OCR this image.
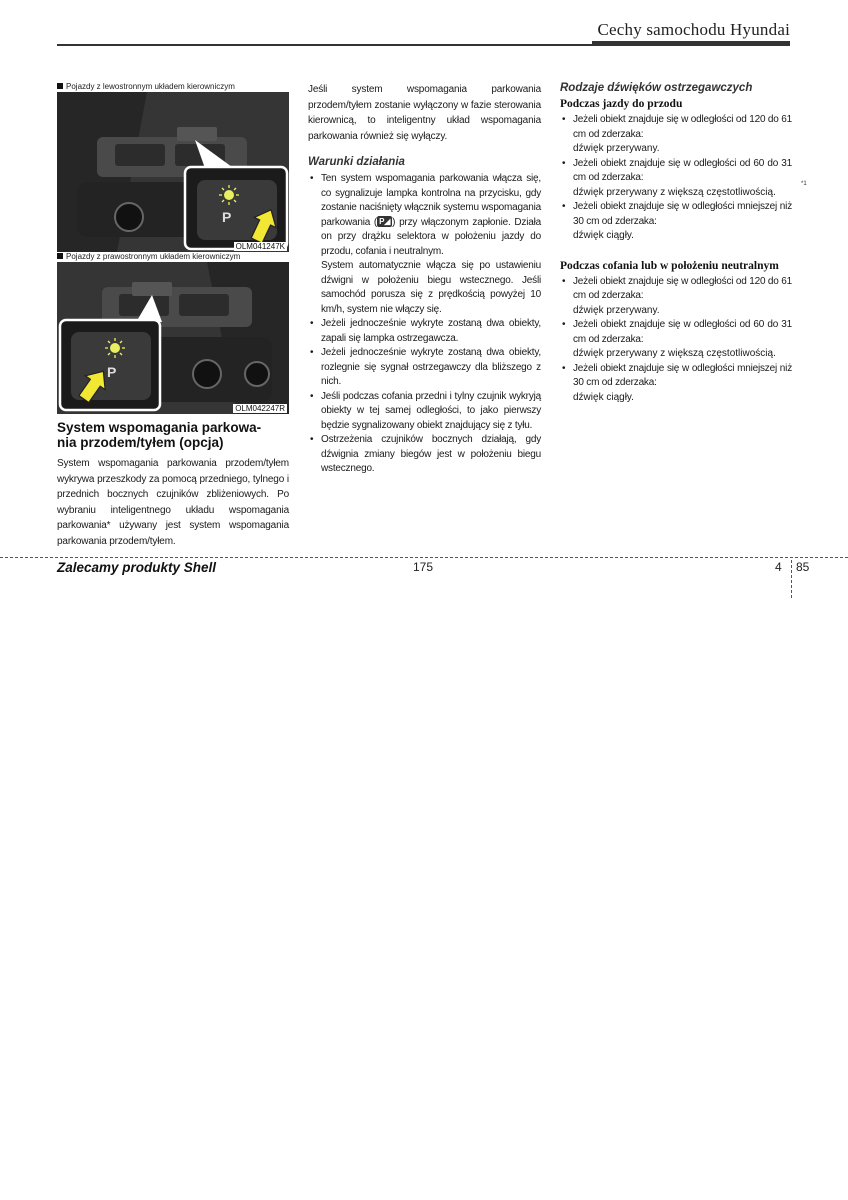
Cechy samochodu Hyundai
Pojazdy z lewostronnym układem kierowniczym
P
OLM041247K
Pojazdy z prawostronnym układem kierowniczym
P
OLM042247R
System wspomagania parkowa-
nia przodem/tyłem (opcja)

System wspomagania parkowania przodem/tyłem wykrywa przeszkody za pomocą przedniego, tylnego i przednich bocznych czujników zbliżeniowych. Po wybraniu inteligentnego układu wspomagania parkowania* używany jest system wspomagania parkowania przodem/tyłem.

Jeśli system wspomagania parkowania przodem/tyłem zostanie wyłączony w fazie sterowania kierownicą, to inteligentny układ wspomagania parkowania również się wyłączy.

Warunki działania
• Ten system wspomagania parkowania włącza się, co sygnalizuje lampka kontrolna na przycisku, gdy zostanie naciśnięty włącznik systemu wspomagania parkowania ( P◢ ) przy włączonym zapłonie. Działa on przy drążku selektora w położeniu jazdy do przodu, cofania i neutralnym.
System automatycznie włącza się po ustawieniu dźwigni w położeniu biegu wstecznego. Jeśli samochód porusza się z prędkością powyżej 10 km/h, system nie włączy się.
• Jeżeli jednocześnie wykryte zostaną dwa obiekty, zapali się lampka ostrzegawcza.
• Jeżeli jednocześnie wykryte zostaną dwa obiekty, rozlegnie się sygnał ostrzegawczy dla bliższego z nich.
• Jeśli podczas cofania przedni i tylny czujnik wykryją obiekty w tej samej odległości, to jako pierwszy będzie sygnalizowany obiekt znajdujący się z tyłu.
• Ostrzeżenia czujników bocznych działają, gdy dźwignia zmiany biegów jest w położeniu biegu wstecznego.
Rodzaje dźwięków ostrzegawczych
Podczas jazdy do przodu
• Jeżeli obiekt znajduje się w odległości od 120 do 61 cm od zderzaka:
dźwięk przerywany.
• Jeżeli obiekt znajduje się w odległości od 60 do 31 cm od zderzaka:
dźwięk przerywany z większą częstotliwością.
• Jeżeli obiekt znajduje się w odległości mniejszej niż 30 cm od zderzaka:
dźwięk ciągły.
Podczas cofania lub w położeniu neutralnym
• Jeżeli obiekt znajduje się w odległości od 120 do 61 cm od zderzaka:
dźwięk przerywany.
• Jeżeli obiekt znajduje się w odległości od 60 do 31 cm od zderzaka:
dźwięk przerywany z większą częstotliwością.
• Jeżeli obiekt znajduje się w odległości mniejszej niż 30 cm od zderzaka:
dźwięk ciągły.
*1
Zalecamy produkty Shell	175	4 85
